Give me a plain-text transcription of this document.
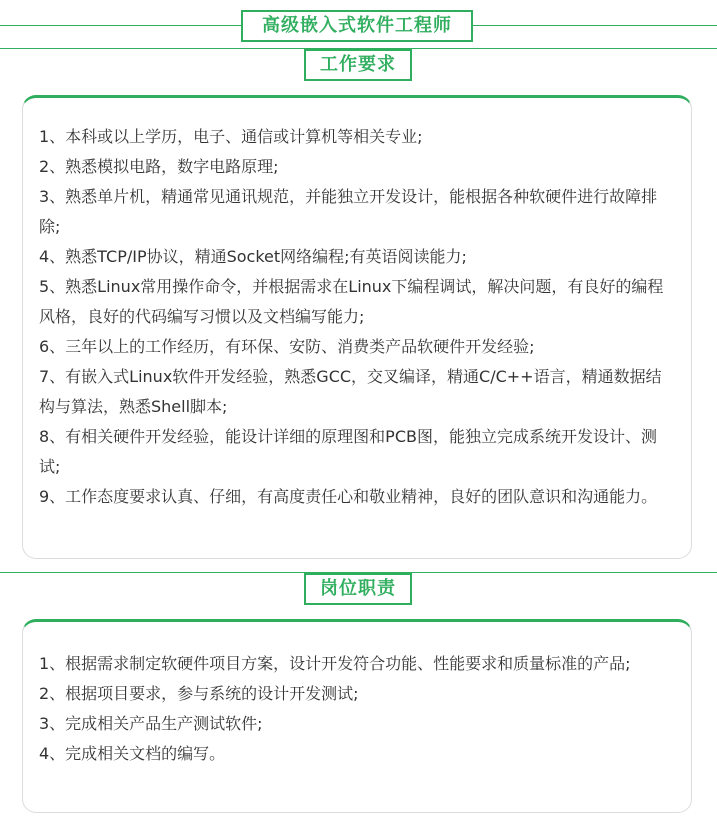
高级嵌入式软件工程师
工作要求
1、本科或以上学历，电子、通信或计算机等相关专业;
2、熟悉模拟电路，数字电路原理;
3、熟悉单片机，精通常见通讯规范，并能独立开发设计，能根据各种软硬件进行故障排除;
4、熟悉TCP/IP协议，精通Socket网络编程;有英语阅读能力;
5、熟悉Linux常用操作命令，并根据需求在Linux下编程调试，解决问题，有良好的编程风格，良好的代码编写习惯以及文档编写能力;
6、三年以上的工作经历，有环保、安防、消费类产品软硬件开发经验;
7、有嵌入式Linux软件开发经验，熟悉GCC，交叉编译，精通C/C++语言，精通数据结构与算法，熟悉Shell脚本;
8、有相关硬件开发经验，能设计详细的原理图和PCB图，能独立完成系统开发设计、测试;
9、工作态度要求认真、仔细，有高度责任心和敬业精神，良好的团队意识和沟通能力。
岗位职责
1、根据需求制定软硬件项目方案，设计开发符合功能、性能要求和质量标准的产品;
2、根据项目要求，参与系统的设计开发测试;
3、完成相关产品生产测试软件;
4、完成相关文档的编写。
